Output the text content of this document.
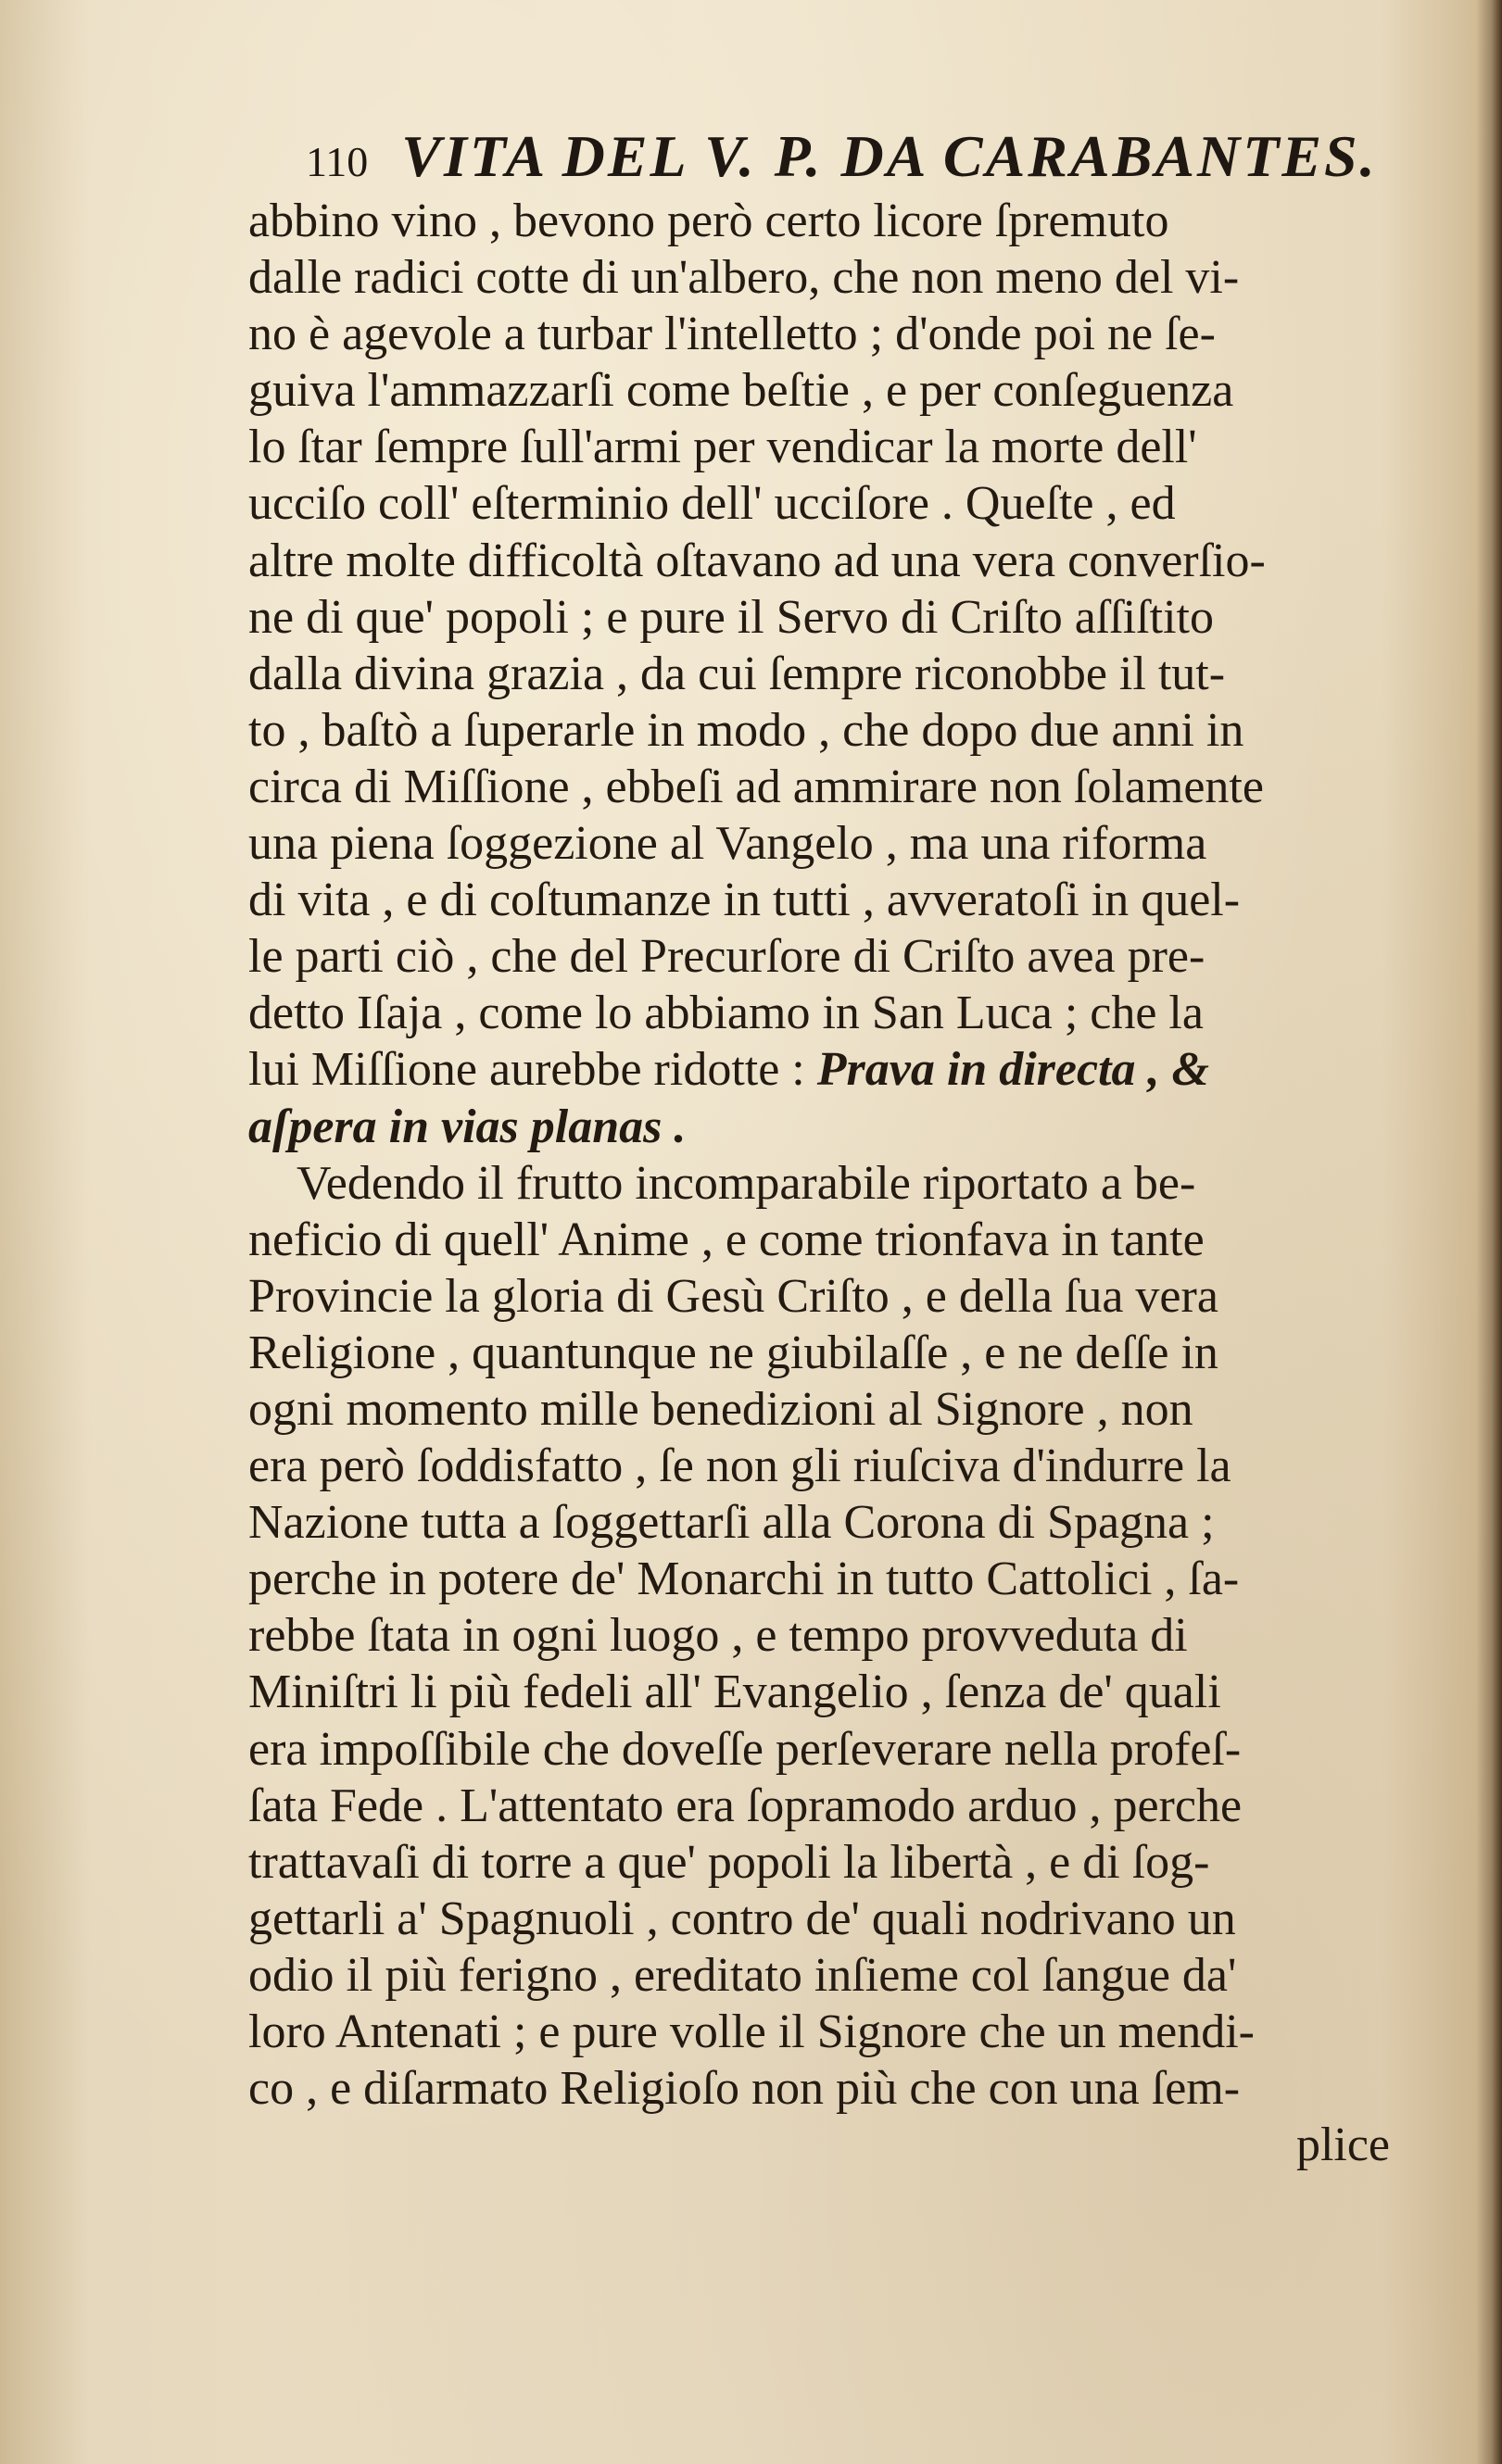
110 VITA DEL V. P. DA CARABANTES.
abbino vino , bevono però certo licore ſpremuto
dalle radici cotte di un'albero, che non meno del vi-
no è agevole a turbar l'intelletto ; d'onde poi ne ſe-
guiva l'ammazzarſi come beſtie , e per conſeguenza
lo ſtar ſempre ſull'armi per vendicar la morte dell'
ucciſo coll' eſterminio dell' ucciſore . Queſte , ed
altre molte difficoltà oſtavano ad una vera converſio-
ne di que' popoli ; e pure il Servo di Criſto aſſiſtito
dalla divina grazia , da cui ſempre riconobbe il tut-
to , baſtò a ſuperarle in modo , che dopo due anni in
circa di Miſſione , ebbeſi ad ammirare non ſolamente
una piena ſoggezione al Vangelo , ma una riforma
di vita , e di coſtumanze in tutti , avveratoſi in quel-
le parti ciò , che del Precurſore di Criſto avea pre-
detto Iſaja , come lo abbiamo in San Luca ; che la
lui Miſſione aurebbe ridotte : Prava in directa , &
aſpera in vias planas .
Vedendo il frutto incomparabile riportato a be-
neficio di quell' Anime , e come trionfava in tante
Provincie la gloria di Gesù Criſto , e della ſua vera
Religione , quantunque ne giubilaſſe , e ne deſſe in
ogni momento mille benedizioni al Signore , non
era però ſoddisfatto , ſe non gli riuſciva d'indurre la
Nazione tutta a ſoggettarſi alla Corona di Spagna ;
perche in potere de' Monarchi in tutto Cattolici , ſa-
rebbe ſtata in ogni luogo , e tempo provveduta di
Miniſtri li più fedeli all' Evangelio , ſenza de' quali
era impoſſibile che doveſſe perſeverare nella profeſ-
ſata Fede . L'attentato era ſopramodo arduo , perche
trattavaſi di torre a que' popoli la libertà , e di ſog-
gettarli a' Spagnuoli , contro de' quali nodrivano un
odio il più ferigno , ereditato inſieme col ſangue da'
loro Antenati ; e pure volle il Signore che un mendi-
co , e diſarmato Religioſo non più che con una ſem-
plice
